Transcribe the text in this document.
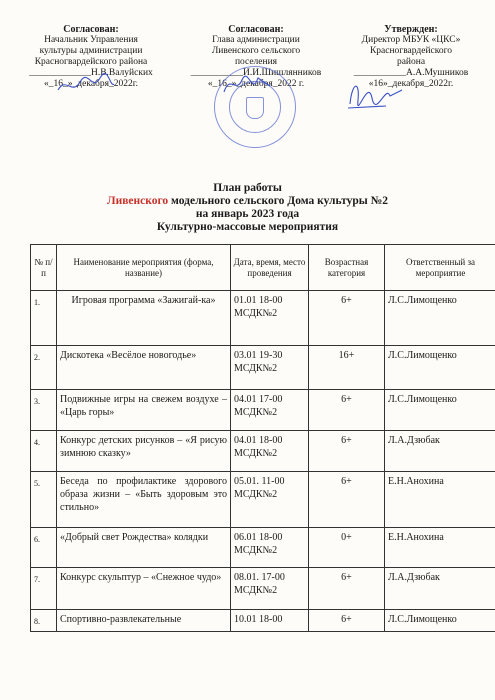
Согласован:
Начальник Управления
культуры администрации
Красногвардейского района
_____________Н.В.Валуйских
«_16_»_декабря_2022г.
Согласован:
Глава администрации
Ливенского сельского
поселения
___________И.И.Шишлянников
«_16_»_декабря_2022 г.
Утвержден:
Директор МБУК «ЦКС»
Красногвардейского
района
___________А.А.Мушников
«16»_декабря_2022г.
План работы
Ливенского модельного сельского Дома культуры №2
на январь 2023 года
Культурно-массовые мероприятия
№ п/п	Наименование мероприятия (форма, название)	Дата, время, место проведения	Возрастная категория	Ответственный за мероприятие
1.	Игровая программа «Зажигай-ка»	01.01 18-00 МСДК№2	6+	Л.С.Лимощенко
2.	Дискотека «Весёлое новогодье»	03.01 19-30 МСДК№2	16+	Л.С.Лимощенко
3.	Подвижные игры на свежем воздухе – «Царь горы»	04.01 17-00 МСДК№2	6+	Л.С.Лимощенко
4.	Конкурс детских рисунков – «Я рисую зимнюю сказку»	04.01 18-00 МСДК№2	6+	Л.А.Дзюбак
5.	Беседа по профилактике здорового образа жизни – «Быть здоровым это стильно»	05.01. 11-00 МСДК№2	6+	Е.Н.Анохина
6.	«Добрый свет Рождества» колядки	06.01 18-00 МСДК№2	0+	Е.Н.Анохина
7.	Конкурс скульптур – «Снежное чудо»	08.01. 17-00 МСДК№2	6+	Л.А.Дзюбак
8.	Спортивно-развлекательные	10.01 18-00	6+	Л.С.Лимощенко
